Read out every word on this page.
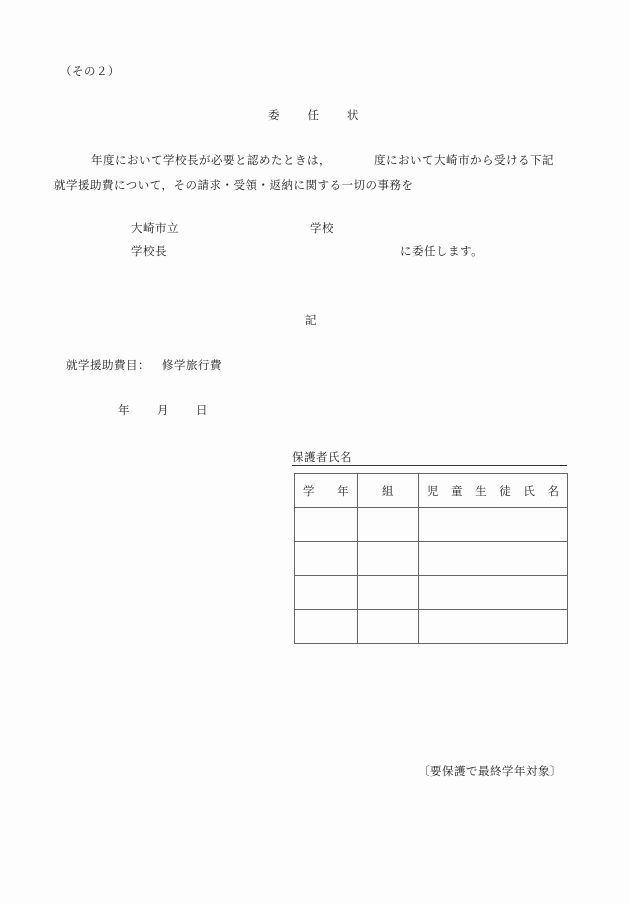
（その２）
委 任 状
年度において学校長が必要と認めたときは，	度において大崎市から受ける下記
就学援助費について，その請求・受領・返納に関する一切の事務を
大崎市立	学校
学校長	に委任します。
記
就学援助費目： 修学旅行費
年 月 日
保護者氏名
学 年	組	児 童 生 徒 氏 名

〔要保護で最終学年対象〕
